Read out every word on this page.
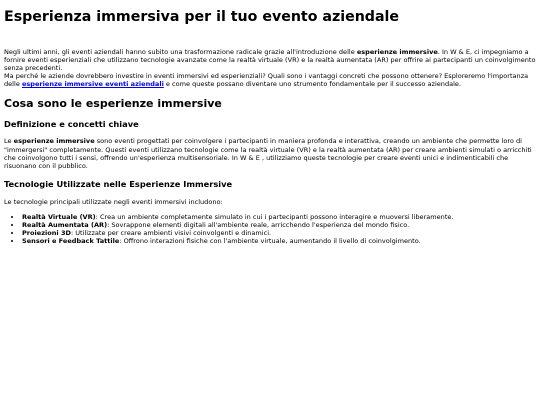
Esperienza immersiva per il tuo evento aziendale

Negli ultimi anni, gli eventi aziendali hanno subito una trasformazione radicale grazie all'introduzione delle esperienze immersive. In W & E, ci impegniamo a fornire eventi esperienziali che utilizzano tecnologie avanzate come la realtà virtuale (VR) e la realtà aumentata (AR) per offrire ai partecipanti un coinvolgimento senza precedenti.

Ma perché le aziende dovrebbero investire in eventi immersivi ed esperienziali? Quali sono i vantaggi concreti che possono ottenere? Esploreremo l'importanza delle esperienze immersive eventi aziendali e come queste possano diventare uno strumento fondamentale per il successo aziendale.

Cosa sono le esperienze immersive
Definizione e concetti chiave

Le esperienze immersive sono eventi progettati per coinvolgere i partecipanti in maniera profonda e interattiva, creando un ambiente che permette loro di "immergersi" completamente. Questi eventi utilizzano tecnologie come la realtà virtuale (VR) e la realtà aumentata (AR) per creare ambienti simulati o arricchiti che coinvolgono tutti i sensi, offrendo un'esperienza multisensoriale. In W & E , utilizziamo queste tecnologie per creare eventi unici e indimenticabili che risuonano con il pubblico.

Tecnologie Utilizzate nelle Esperienze Immersive

Le tecnologie principali utilizzate negli eventi immersivi includono:

• Realtà Virtuale (VR): Crea un ambiente completamente simulato in cui i partecipanti possono interagire e muoversi liberamente.
• Realtà Aumentata (AR): Sovrappone elementi digitali all'ambiente reale, arricchendo l'esperienza del mondo fisico.
• Proiezioni 3D: Utilizzate per creare ambienti visivi coinvolgenti e dinamici.
• Sensori e Feedback Tattile: Offrono interazioni fisiche con l'ambiente virtuale, aumentando il livello di coinvolgimento.
